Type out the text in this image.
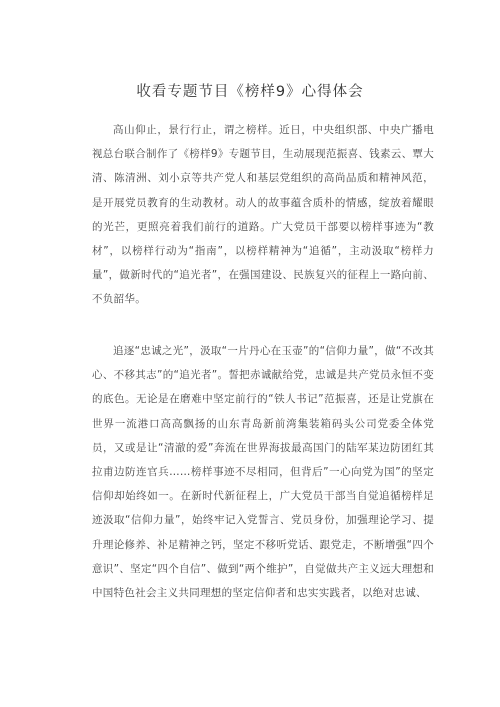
收看专题节目《榜样9》心得体会

高山仰止，景行行止，谓之榜样。近日，中央组织部、中央广播电视总台联合制作了《榜样9》专题节目，生动展现范振喜、钱素云、覃大清、陈清洲、刘小京等共产党人和基层党组织的高尚品质和精神风范，是开展党员教育的生动教材。动人的故事蕴含质朴的情感，绽放着耀眼的光芒，更照亮着我们前行的道路。广大党员干部要以榜样事迹为“教材”，以榜样行动为“指南”，以榜样精神为“追循”，主动汲取“榜样力量”，做新时代的“追光者”，在强国建设、民族复兴的征程上一路向前、不负韶华。

追逐“忠诚之光”，汲取“一片丹心在玉壶”的“信仰力量”，做“不改其心、不移其志”的“追光者”。誓把赤诚献给党，忠诚是共产党员永恒不变的底色。无论是在磨难中坚定前行的“铁人书记”范振喜，还是让党旗在世界一流港口高高飘扬的山东青岛新前湾集装箱码头公司党委全体党员，又或是让“清澈的爱”奔流在世界海拔最高国门的陆军某边防团红其拉甫边防连官兵……榜样事迹不尽相同，但背后”一心向党为国”的坚定信仰却始终如一。在新时代新征程上，广大党员干部当自觉追循榜样足迹汲取“信仰力量”，始终牢记入党誓言、党员身份，加强理论学习、提升理论修养、补足精神之钙，坚定不移听党话、跟党走，不断增强“四个意识”、坚定“四个自信”、做到“两个维护”，自觉做共产主义远大理想和中国特色社会主义共同理想的坚定信仰者和忠实实践者，以绝对忠诚、
